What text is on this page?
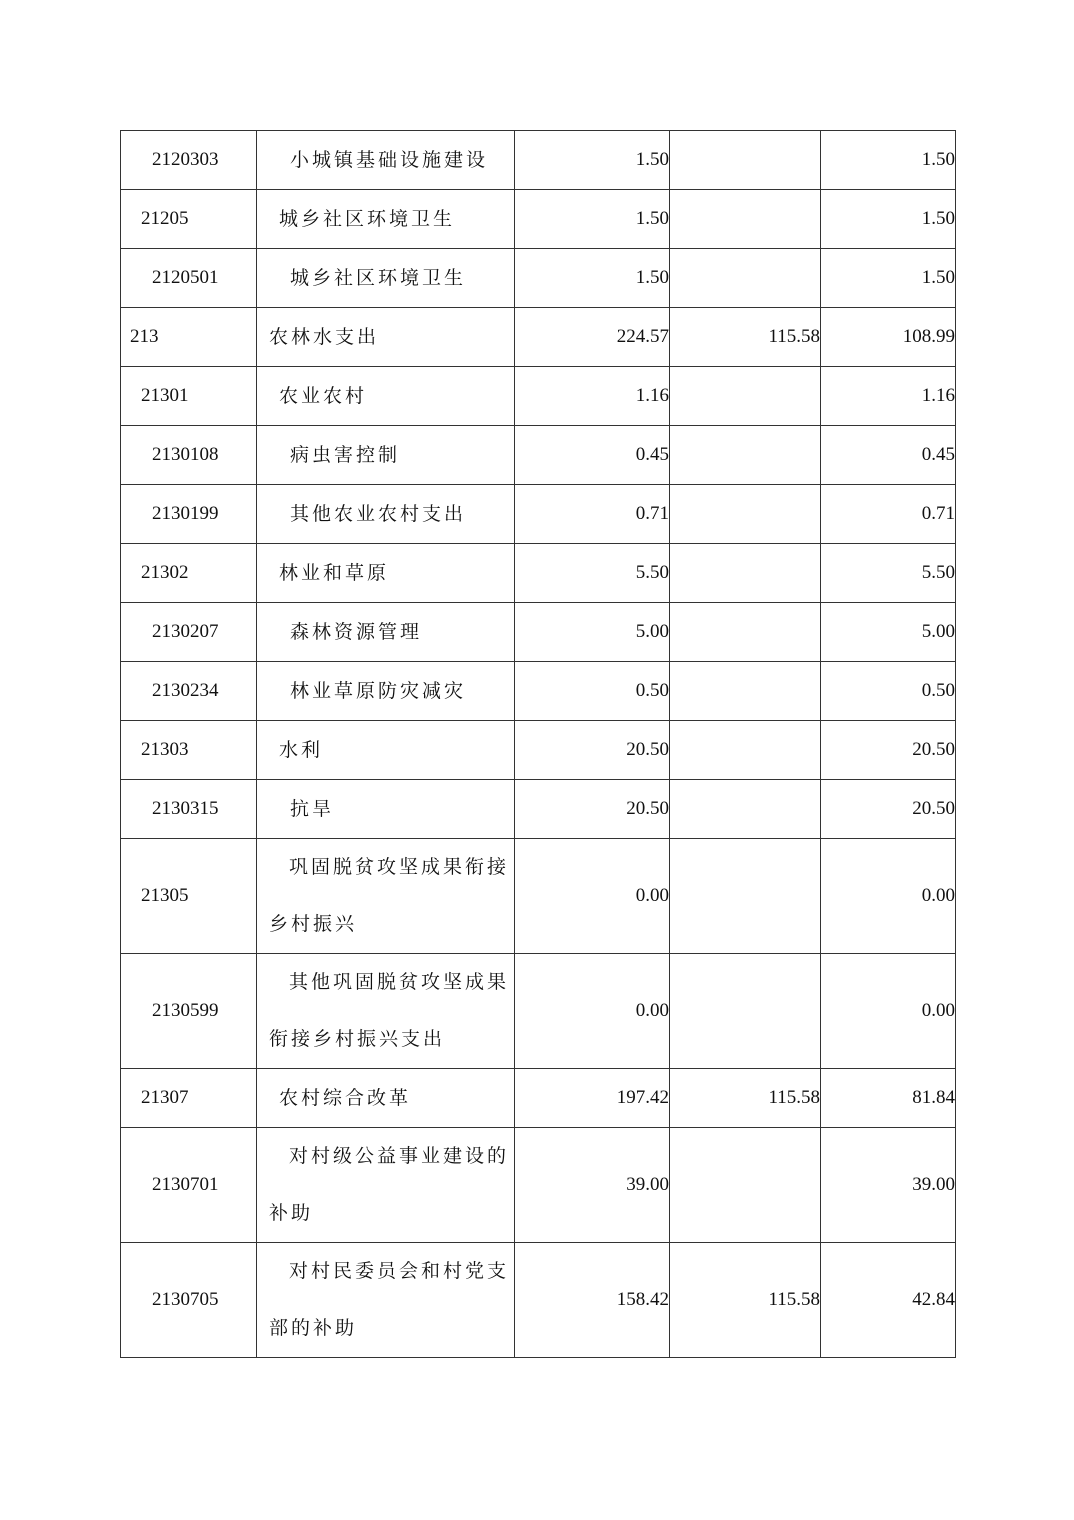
2120303	小城镇基础设施建设	1.50		1.50
21205	城乡社区环境卫生	1.50		1.50
2120501	城乡社区环境卫生	1.50		1.50
213	农林水支出	224.57	115.58	108.99
21301	农业农村	1.16		1.16
2130108	病虫害控制	0.45		0.45
2130199	其他农业农村支出	0.71		0.71
21302	林业和草原	5.50		5.50
2130207	森林资源管理	5.00		5.00
2130234	林业草原防灾减灾	0.50		0.50
21303	水利	20.50		20.50
2130315	抗旱	20.50		20.50
21305	巩固脱贫攻坚成果衔接乡村振兴	0.00		0.00
2130599	其他巩固脱贫攻坚成果衔接乡村振兴支出	0.00		0.00
21307	农村综合改革	197.42	115.58	81.84
2130701	对村级公益事业建设的补助	39.00		39.00
2130705	对村民委员会和村党支部的补助	158.42	115.58	42.84
